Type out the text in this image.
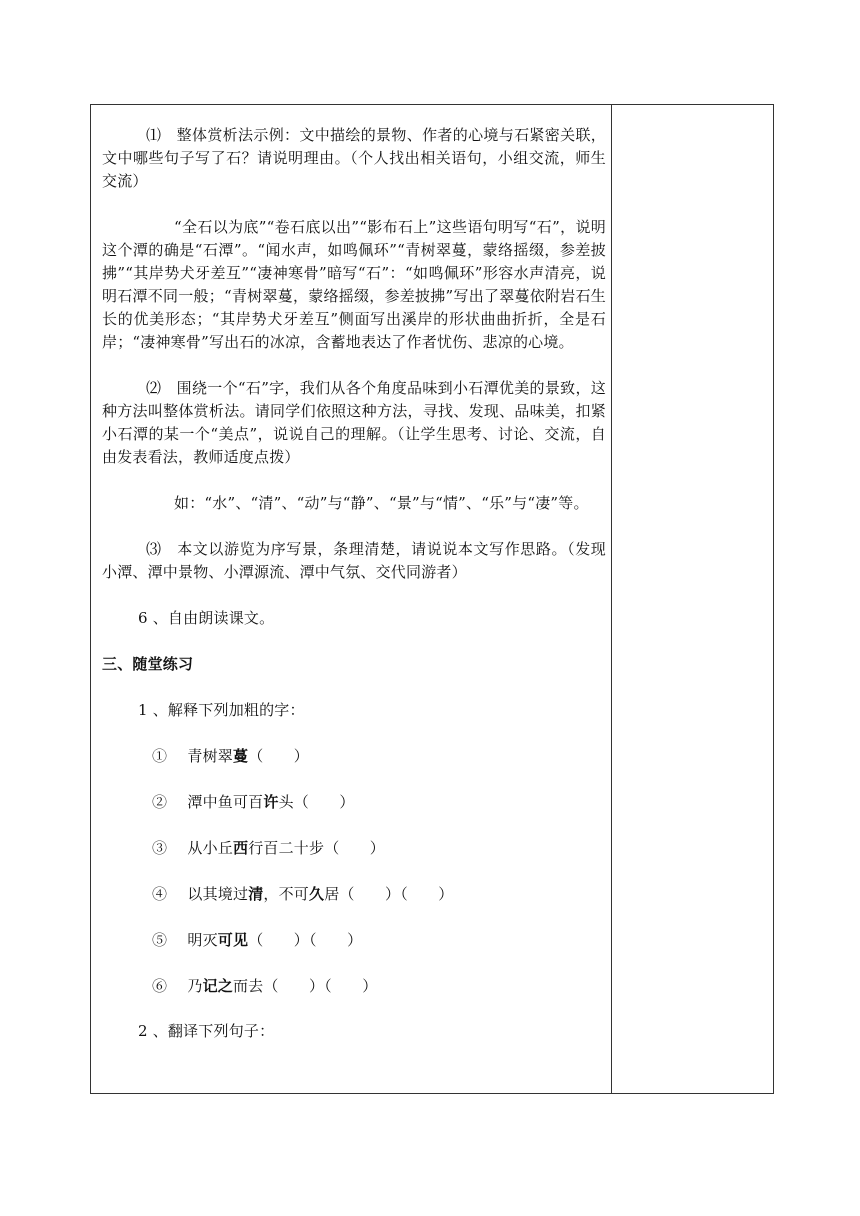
⑴　整体赏析法示例：文中描绘的景物、作者的心境与石紧密关联，文中哪些句子写了石？请说明理由。（个人找出相关语句，小组交流，师生交流）

“全石以为底”“卷石底以出”“影布石上”这些语句明写“石”，说明这个潭的确是“石潭”。“闻水声，如鸣佩环”“青树翠蔓，蒙络摇缀，参差披拂”“其岸势犬牙差互”“凄神寒骨”暗写“石”：“如鸣佩环”形容水声清亮，说明石潭不同一般；“青树翠蔓，蒙络摇缀，参差披拂”写出了翠蔓依附岩石生长的优美形态；“其岸势犬牙差互”侧面写出溪岸的形状曲曲折折，全是石岸；“凄神寒骨”写出石的冰凉，含蓄地表达了作者忧伤、悲凉的心境。

⑵　围绕一个“石”字，我们从各个角度品味到小石潭优美的景致，这种方法叫整体赏析法。请同学们依照这种方法，寻找、发现、品味美，扣紧小石潭的某一个“美点”，说说自己的理解。（让学生思考、讨论、交流，自由发表看法，教师适度点拨）

如：“水”、“清”、“动”与“静”、“景”与“情”、“乐”与“凄”等。

⑶　本文以游览为序写景，条理清楚，请说说本文写作思路。（发现小潭、潭中景物、小潭源流、潭中气氛、交代同游者）

6 、自由朗读课文。

三、随堂练习

1 、解释下列加粗的字：

①　 青树翠蔓（　　）

②　 潭中鱼可百许头（　　）

③　 从小丘西行百二十步（　　）

④　 以其境过清，不可久居（　　）（　　）

⑤　 明灭可见（　　）（　　）

⑥　 乃记之而去（　　）（　　）

2 、翻译下列句子：
